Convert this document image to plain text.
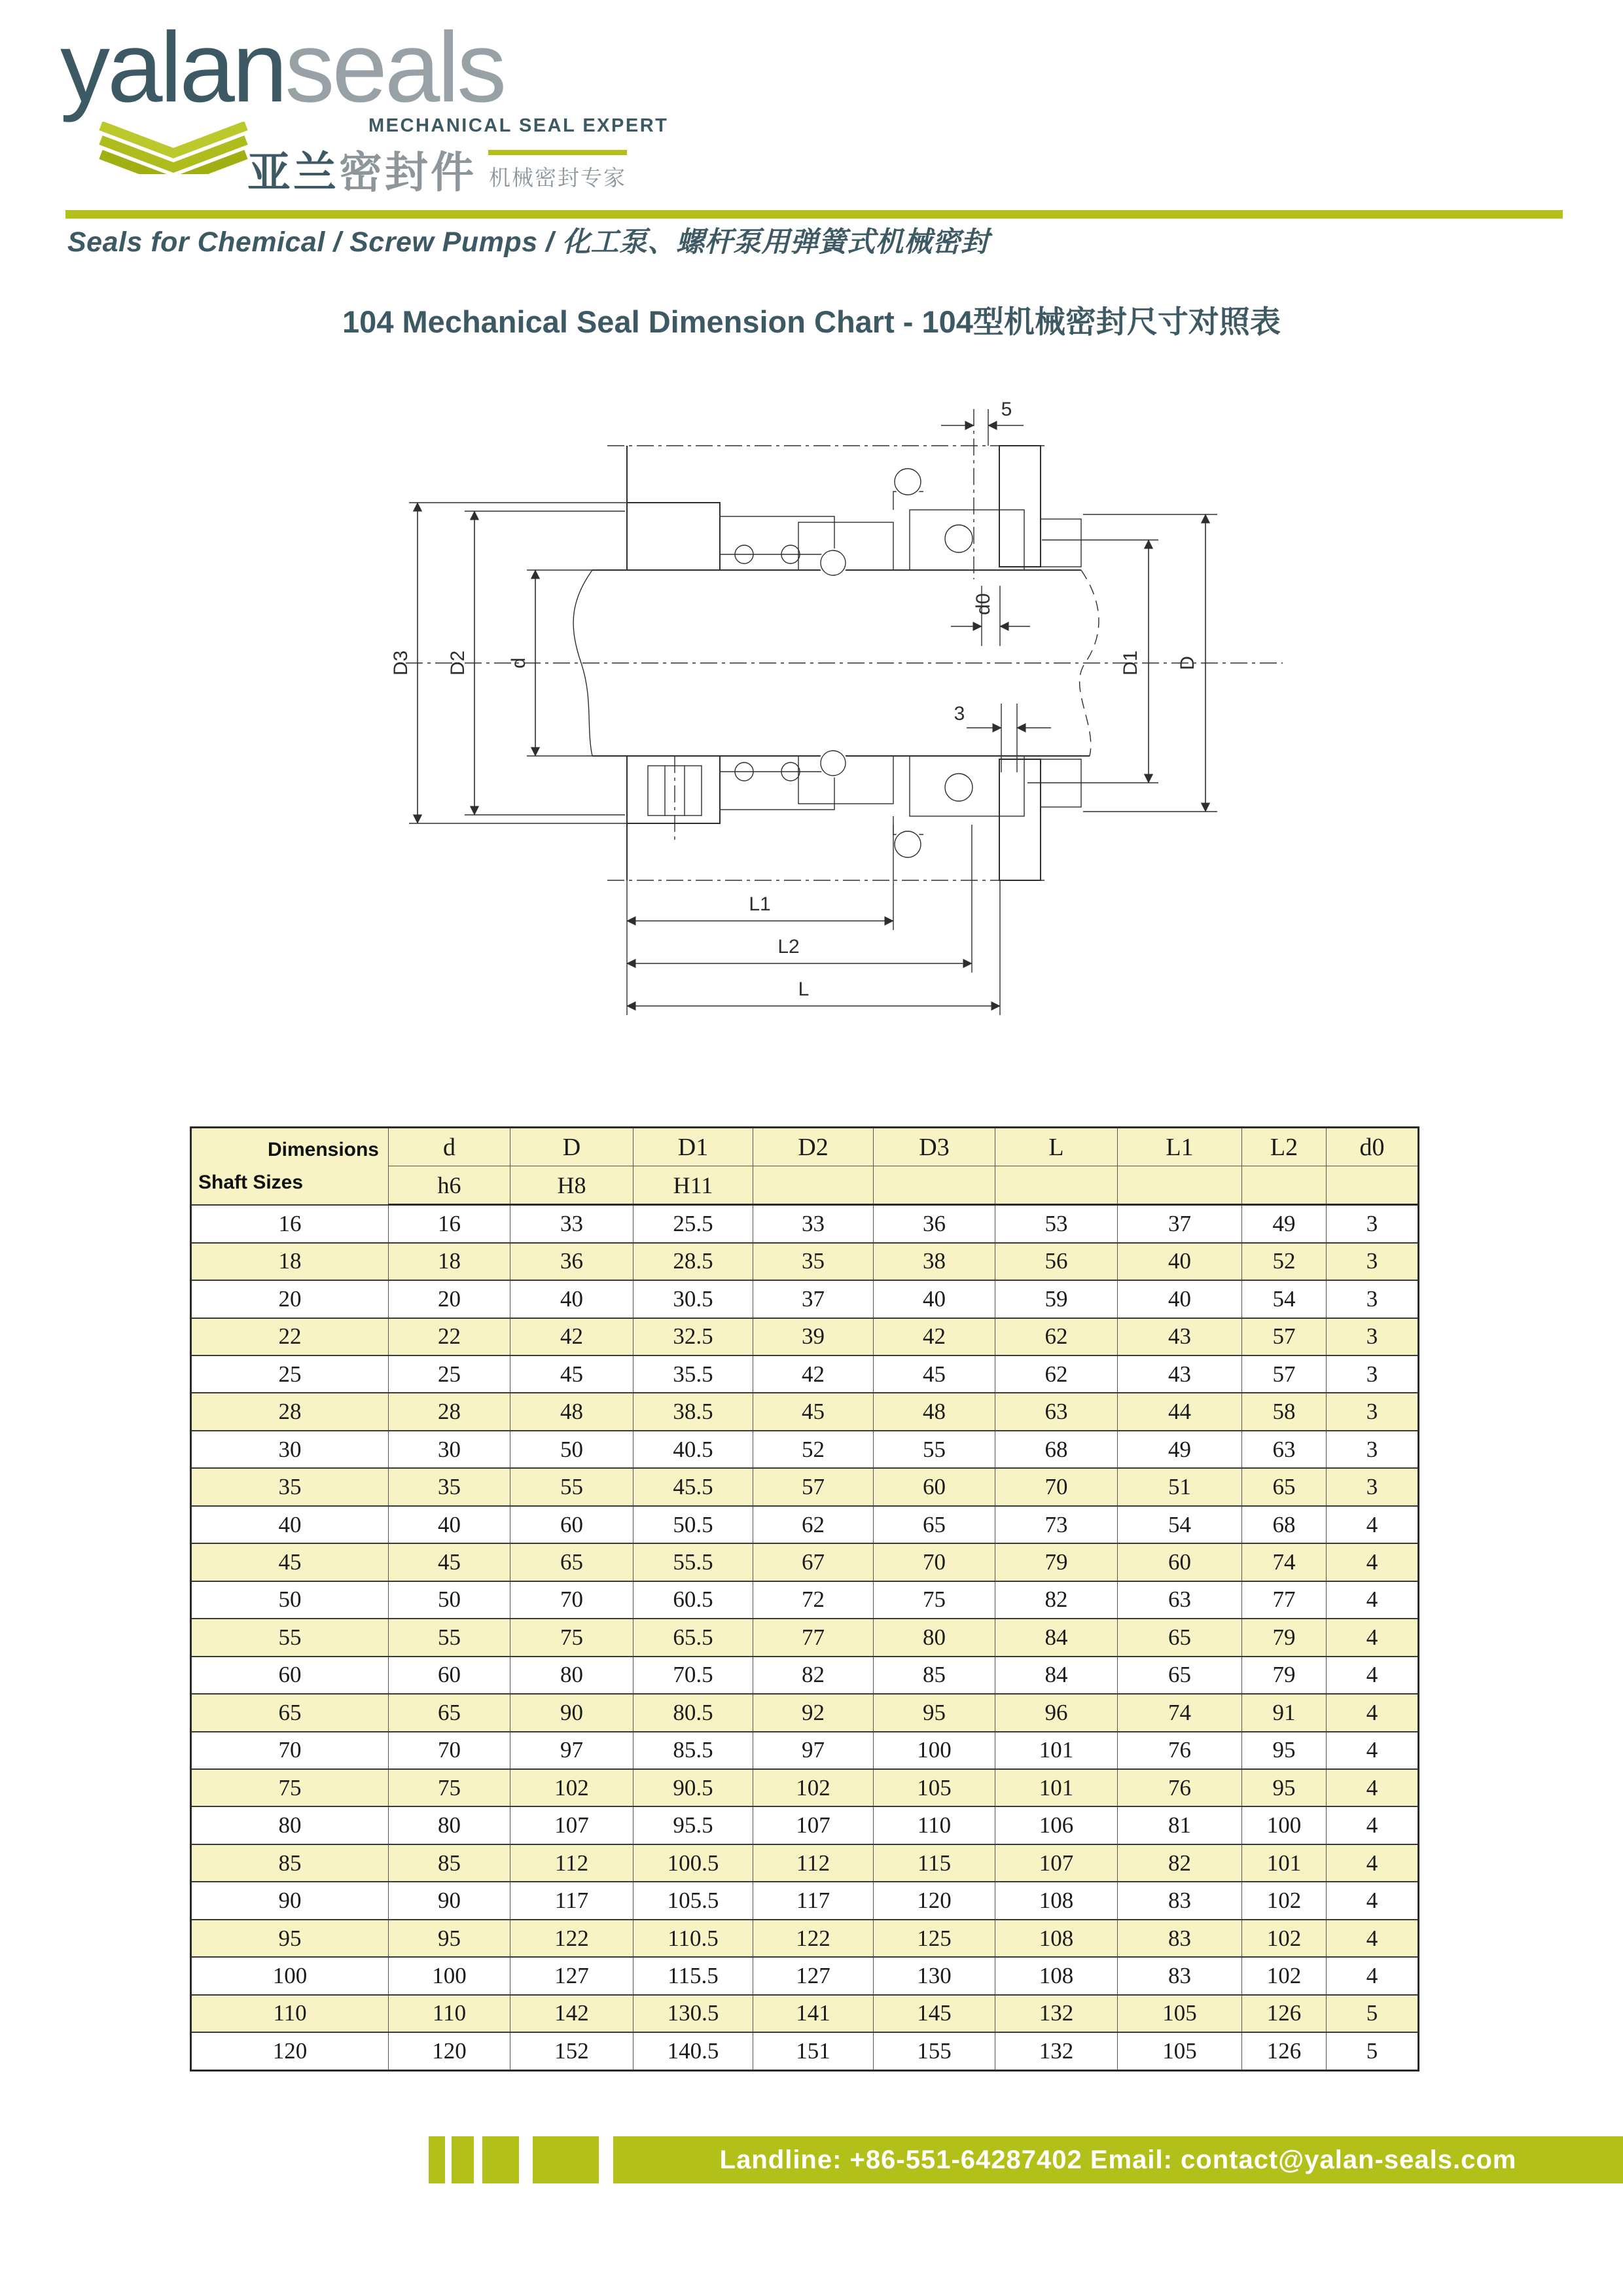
yalanseals
MECHANICAL SEAL EXPERT
亚兰密封件 机械密封专家
Seals for Chemical / Screw Pumps / 化工泵、螺杆泵用弹簧式机械密封
104 Mechanical Seal Dimension Chart - 104型机械密封尺寸对照表
D3 D2 d	D1 D
5
d0
3
L1
L2
L
Dimensions
Shaft Sizes	d	D	D1	D2	D3	L	L1	L2	d0
	h6	H8	H11						
16	16	33	25.5	33	36	53	37	49	3
18	18	36	28.5	35	38	56	40	52	3
20	20	40	30.5	37	40	59	40	54	3
22	22	42	32.5	39	42	62	43	57	3
25	25	45	35.5	42	45	62	43	57	3
28	28	48	38.5	45	48	63	44	58	3
30	30	50	40.5	52	55	68	49	63	3
35	35	55	45.5	57	60	70	51	65	3
40	40	60	50.5	62	65	73	54	68	4
45	45	65	55.5	67	70	79	60	74	4
50	50	70	60.5	72	75	82	63	77	4
55	55	75	65.5	77	80	84	65	79	4
60	60	80	70.5	82	85	84	65	79	4
65	65	90	80.5	92	95	96	74	91	4
70	70	97	85.5	97	100	101	76	95	4
75	75	102	90.5	102	105	101	76	95	4
80	80	107	95.5	107	110	106	81	100	4
85	85	112	100.5	112	115	107	82	101	4
90	90	117	105.5	117	120	108	83	102	4
95	95	122	110.5	122	125	108	83	102	4
100	100	127	115.5	127	130	108	83	102	4
110	110	142	130.5	141	145	132	105	126	5
120	120	152	140.5	151	155	132	105	126	5
Landline: +86-551-64287402 Email: contact@yalan-seals.com
